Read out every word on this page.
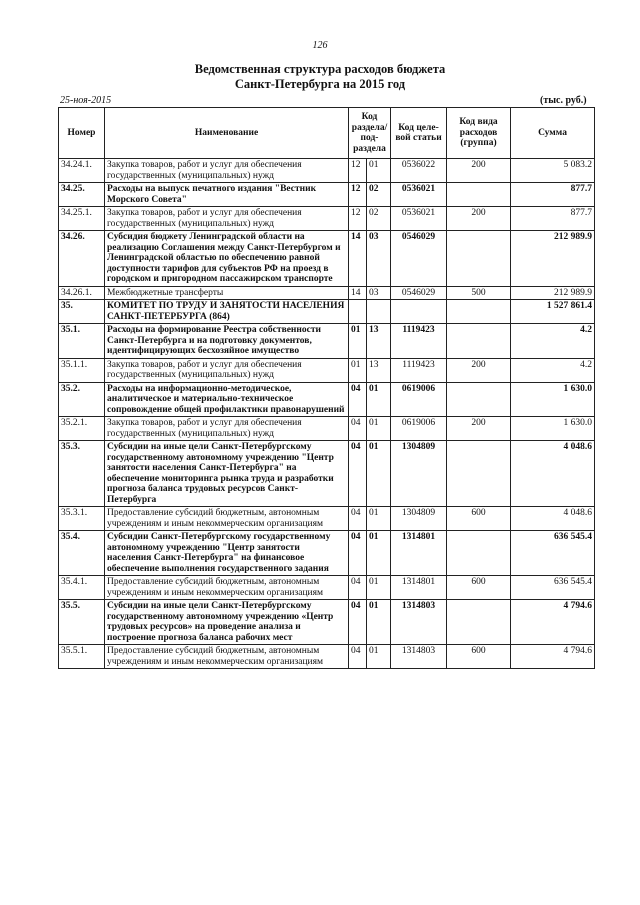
126
Ведомственная структура расходов бюджета
Санкт-Петербурга на 2015 год
25-ноя-2015	(тыс. руб.)
Номер	Наименование	Код раздела/ под-раздела		Код целе-вой статьи	Код вида расходов (группа)	Сумма
34.24.1.	Закупка товаров, работ и услуг для обеспечения государственных (муниципальных) нужд	12	01	0536022	200	5 083.2
34.25.	Расходы на выпуск печатного издания "Вестник Морского Совета"	12	02	0536021		877.7
34.25.1.	Закупка товаров, работ и услуг для обеспечения государственных (муниципальных) нужд	12	02	0536021	200	877.7
34.26.	Субсидия бюджету Ленинградской области на реализацию Соглашения между Санкт-Петербургом и Ленинградской областью по обеспечению равной доступности тарифов для субъектов РФ на проезд в городском и пригородном пассажирском транспорте	14	03	0546029		212 989.9
34.26.1.	Межбюджетные трансферты	14	03	0546029	500	212 989.9
35.	КОМИТЕТ ПО ТРУДУ И ЗАНЯТОСТИ НАСЕЛЕНИЯ САНКТ-ПЕТЕРБУРГА (864)					1 527 861.4
35.1.	Расходы на формирование Реестра собственности Санкт-Петербурга и на подготовку документов, идентифицирующих бесхозяйное имущество	01	13	1119423		4.2
35.1.1.	Закупка товаров, работ и услуг для обеспечения государственных (муниципальных) нужд	01	13	1119423	200	4.2
35.2.	Расходы на информационно-методическое, аналитическое и материально-техническое сопровождение общей профилактики правонарушений	04	01	0619006		1 630.0
35.2.1.	Закупка товаров, работ и услуг для обеспечения государственных (муниципальных) нужд	04	01	0619006	200	1 630.0
35.3.	Субсидии на иные цели Санкт-Петербургскому государственному автономному учреждению "Центр занятости населения Санкт-Петербурга" на обеспечение мониторинга рынка труда и разработки прогноза баланса трудовых ресурсов Санкт-Петербурга	04	01	1304809		4 048.6
35.3.1.	Предоставление субсидий бюджетным, автономным учреждениям и иным некоммерческим организациям	04	01	1304809	600	4 048.6
35.4.	Субсидии Санкт-Петербургскому государственному автономному учреждению "Центр занятости населения Санкт-Петербурга" на финансовое обеспечение выполнения государственного задания	04	01	1314801		636 545.4
35.4.1.	Предоставление субсидий бюджетным, автономным учреждениям и иным некоммерческим организациям	04	01	1314801	600	636 545.4
35.5.	Субсидии на иные цели Санкт-Петербургскому государственному автономному учреждению «Центр трудовых ресурсов» на проведение анализа и построение прогноза баланса рабочих мест	04	01	1314803		4 794.6
35.5.1.	Предоставление субсидий бюджетным, автономным учреждениям и иным некоммерческим организациям	04	01	1314803	600	4 794.6
